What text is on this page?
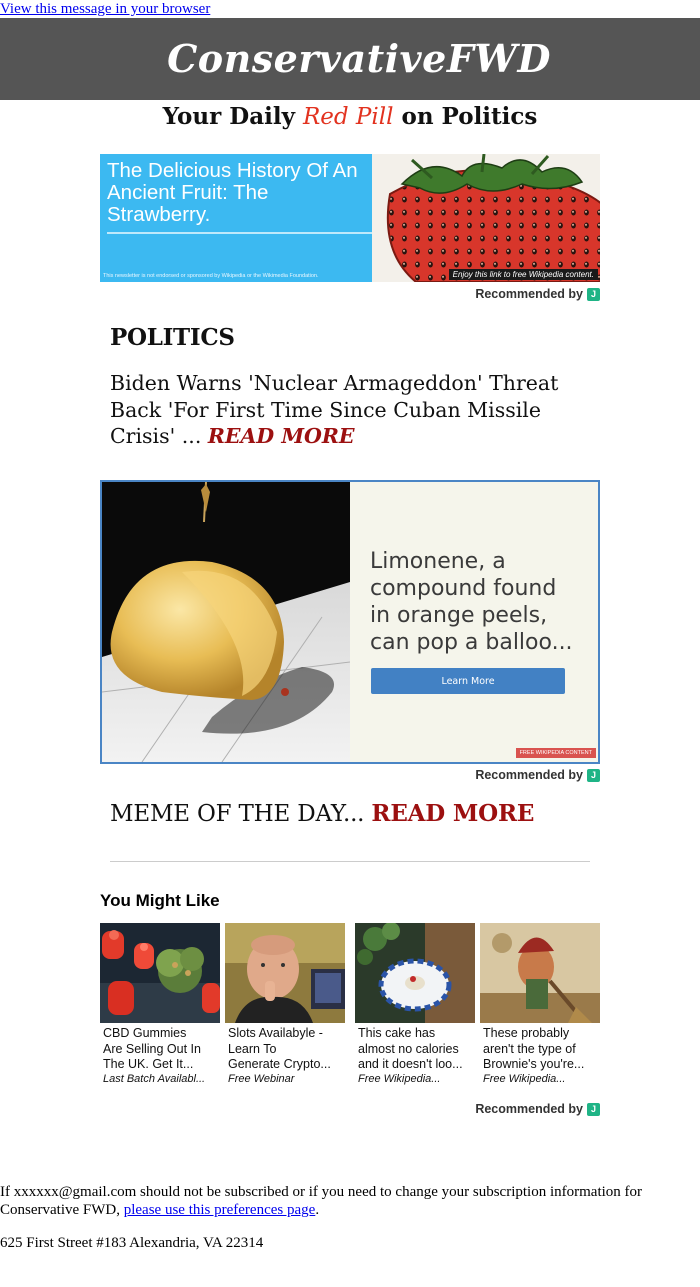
View this message in your browser
ConservativeFWD
Your Daily Red Pill on Politics
The Delicious History Of An Ancient Fruit: The Strawberry.
This newsletter is not endorsed or sponsored by Wikipedia or the Wikimedia Foundation.	Enjoy this link to free Wikipedia content.
Recommended by J
POLITICS
Biden Warns 'Nuclear Armageddon' Threat Back 'For First Time Since Cuban Missile Crisis' ... READ MORE
Limonene, a
compound found
in orange peels,
can pop a balloo...
Learn More
FREE WIKIPEDIA CONTENT
Recommended by J
MEME OF THE DAY... READ MORE
You Might Like
CBD Gummies
Are Selling Out In
The UK. Get It...
Last Batch Availabl...
Slots Availabyle -
Learn To
Generate Crypto...
Free Webinar
This cake has
almost no calories
and it doesn't loo...
Free Wikipedia...
These probably
aren't the type of
Brownie's you're...
Free Wikipedia...
Recommended by J
If xxxxxx@gmail.com should not be subscribed or if you need to change your subscription information for Conservative FWD, please use this preferences page.
625 First Street #183 Alexandria, VA 22314
